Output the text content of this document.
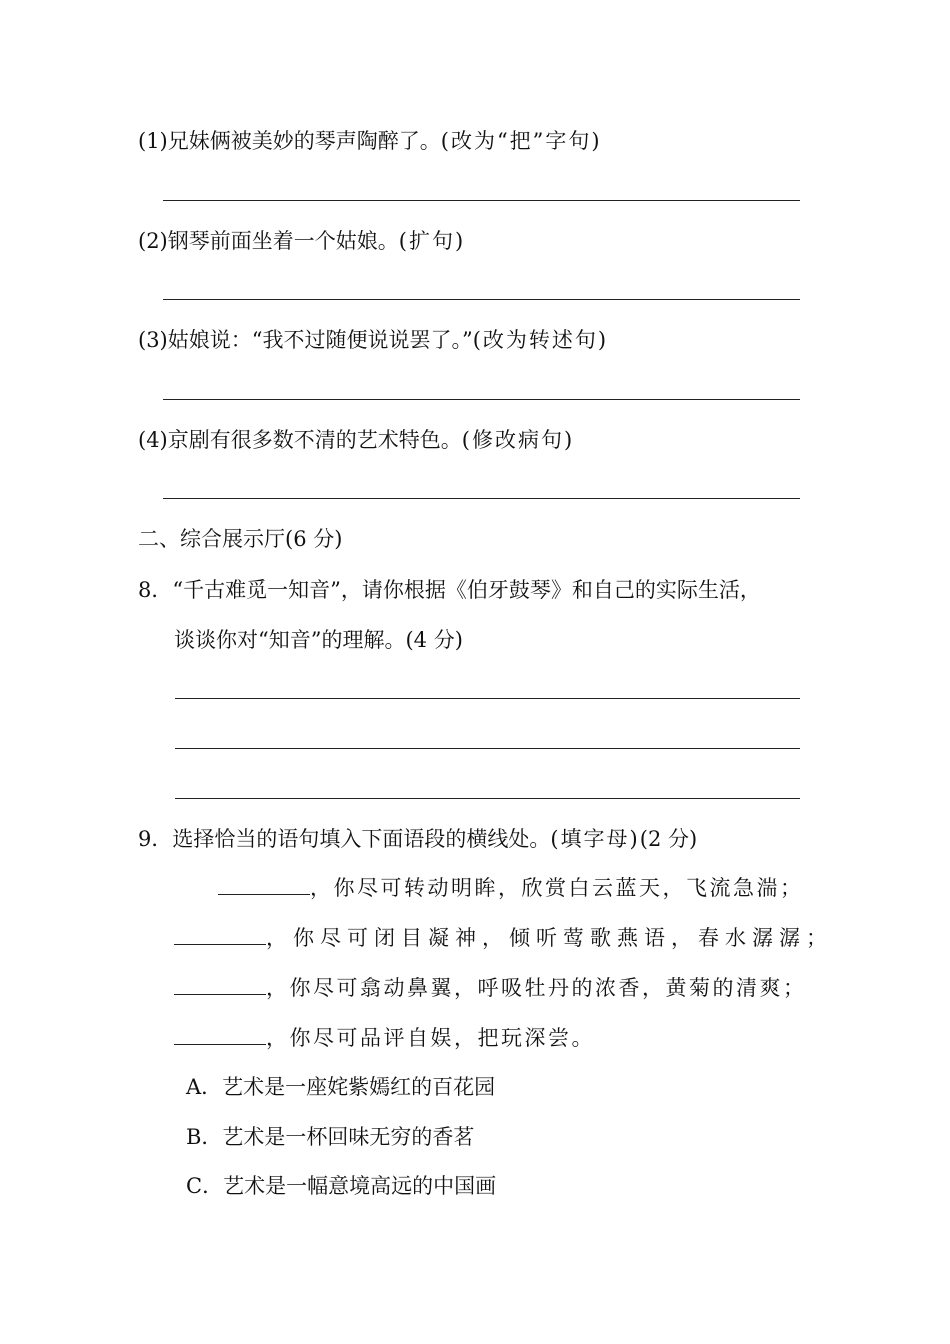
(1)兄妹俩被美妙的琴声陶醉了。(改为“把”字句)
(2)钢琴前面坐着一个姑娘。(扩句)
(3)姑娘说：“我不过随便说说罢了。”(改为转述句)
(4)京剧有很多数不清的艺术特色。(修改病句)
二、综合展示厅(6 分)
8．“千古难觅一知音”，请你根据《伯牙鼓琴》和自己的实际生活，
谈谈你对“知音”的理解。(4 分)
9．选择恰当的语句填入下面语段的横线处。(填字母)(2 分)
，你尽可转动明眸，欣赏白云蓝天，飞流急湍；
，你尽可闭目凝神，倾听莺歌燕语，春水潺潺；
，你尽可翕动鼻翼，呼吸牡丹的浓香，黄菊的清爽；
，你尽可品评自娱，把玩深尝。
A．艺术是一座姹紫嫣红的百花园
B．艺术是一杯回味无穷的香茗
C．艺术是一幅意境高远的中国画
